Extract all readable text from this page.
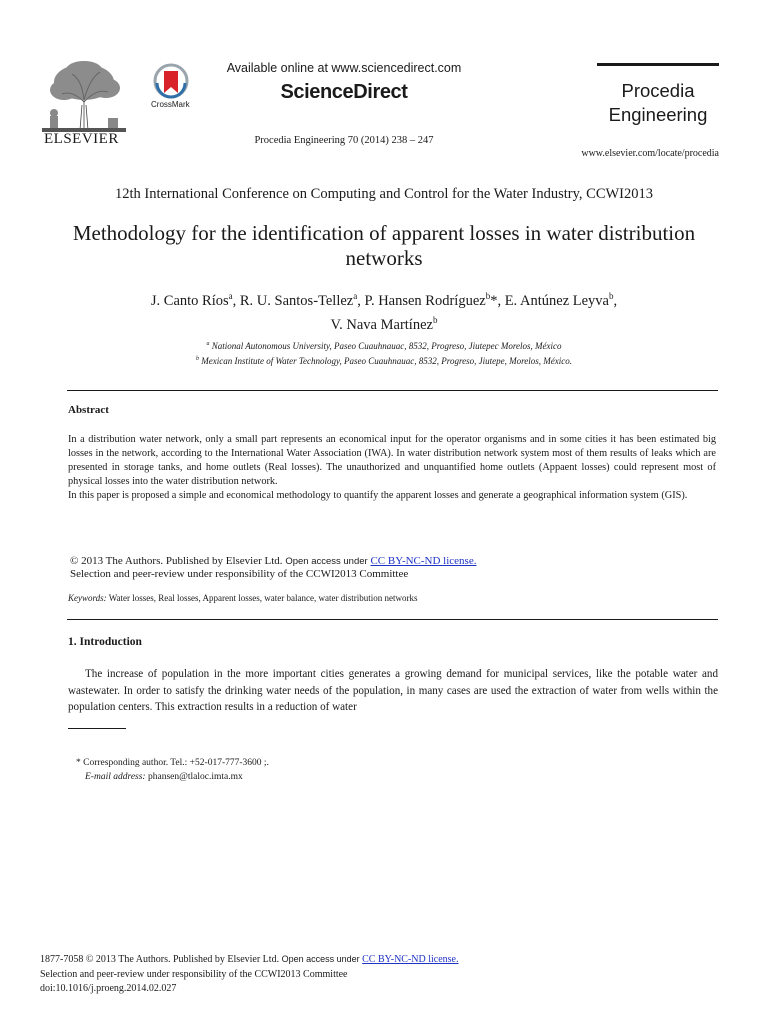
ELSEVIER
CrossMark
Available online at www.sciencedirect.com
ScienceDirect
Procedia Engineering 70 (2014) 238 – 247
Procedia
Engineering
www.elsevier.com/locate/procedia
12th International Conference on Computing and Control for the Water Industry, CCWI2013
Methodology for the identification of apparent losses in water distribution networks
J. Canto Ríos$^a$, R. U. Santos-Tellez$^a$, P. Hansen Rodríguez$^b$*, E. Antúnez Leyva$^b$,
V. Nava Martínez$^b$
$^a$ National Autonomous University, Paseo Cuauhnauac, 8532, Progreso, Jiutepec Morelos, México
$^b$ Mexican Institute of Water Technology, Paseo Cuauhnauac, 8532, Progreso, Jiutepe, Morelos, México.
Abstract
In a distribution water network, only a small part represents an economical input for the operator organisms and in some cities it has been estimated big losses in the network, according to the International Water Association (IWA). In water distribution network system most of them results of leaks which are presented in storage tanks, and home outlets (Real losses). The unauthorized and unquantified home outlets (Appaent losses) could represent most of physical losses into the water distribution network.
In this paper is proposed a simple and economical methodology to quantify the apparent losses and generate a geographical information system (GIS).
© 2013 The Authors. Published by Elsevier Ltd. Open access under CC BY-NC-ND license.
Selection and peer-review under responsibility of the CCWI2013 Committee
Keywords: Water losses, Real losses, Apparent losses, water balance, water distribution networks
1. Introduction
The increase of population in the more important cities generates a growing demand for municipal services, like the potable water and wastewater. In order to satisfy the drinking water needs of the population, in many cases are used the extraction of water from wells within the population centers. This extraction results in a reduction of water
* Corresponding author. Tel.: +52-017-777-3600 ;.
E-mail address: phansen@tlaloc.imta.mx
1877-7058 © 2013 The Authors. Published by Elsevier Ltd. Open access under CC BY-NC-ND license.
Selection and peer-review under responsibility of the CCWI2013 Committee
doi:10.1016/j.proeng.2014.02.027
